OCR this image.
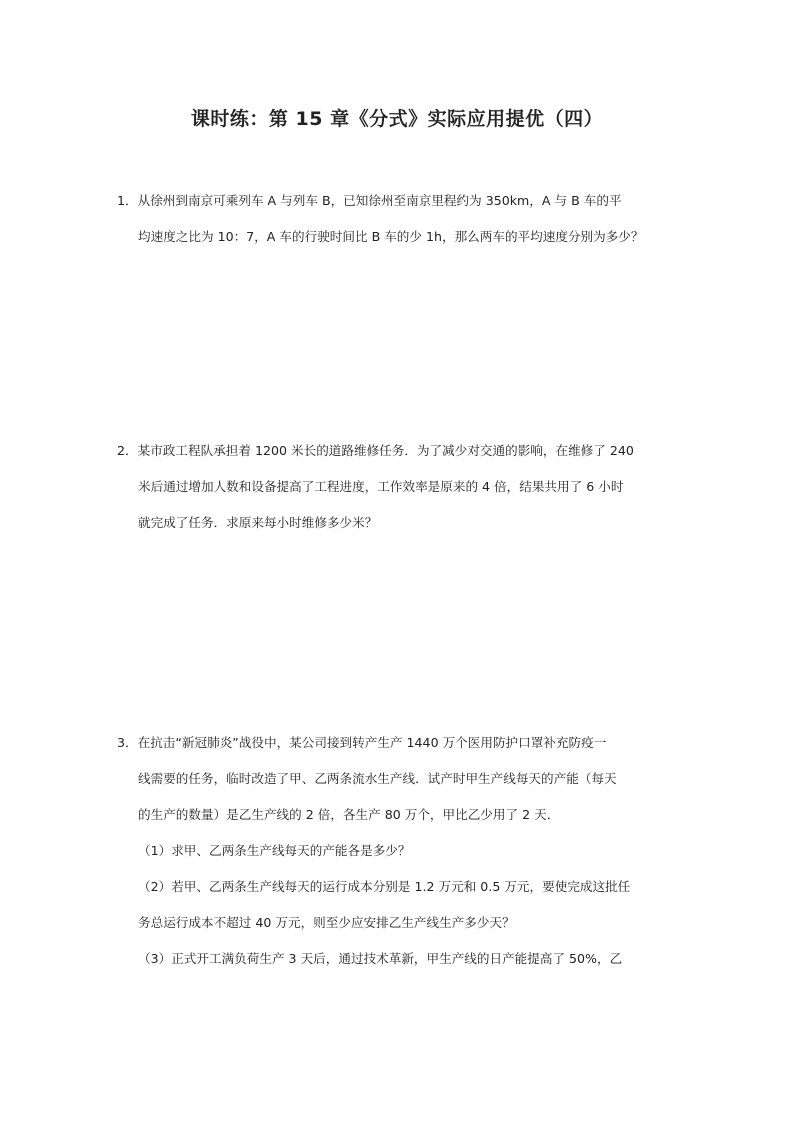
课时练：第 15 章《分式》实际应用提优（四）
1．从徐州到南京可乘列车 A 与列车 B，已知徐州至南京里程约为 350km，A 与 B 车的平
均速度之比为 10：7，A 车的行驶时间比 B 车的少 1h，那么两车的平均速度分别为多少？
2．某市政工程队承担着 1200 米长的道路维修任务．为了减少对交通的影响，在维修了 240
米后通过增加人数和设备提高了工程进度，工作效率是原来的 4 倍，结果共用了 6 小时
就完成了任务．求原来每小时维修多少米？
3．在抗击“新冠肺炎”战役中，某公司接到转产生产 1440 万个医用防护口罩补充防疫一
线需要的任务，临时改造了甲、乙两条流水生产线．试产时甲生产线每天的产能（每天
的生产的数量）是乙生产线的 2 倍，各生产 80 万个，甲比乙少用了 2 天．
（1）求甲、乙两条生产线每天的产能各是多少？
（2）若甲、乙两条生产线每天的运行成本分别是 1.2 万元和 0.5 万元，要使完成这批任
务总运行成本不超过 40 万元，则至少应安排乙生产线生产多少天？
（3）正式开工满负荷生产 3 天后，通过技术革新，甲生产线的日产能提高了 50%，乙
